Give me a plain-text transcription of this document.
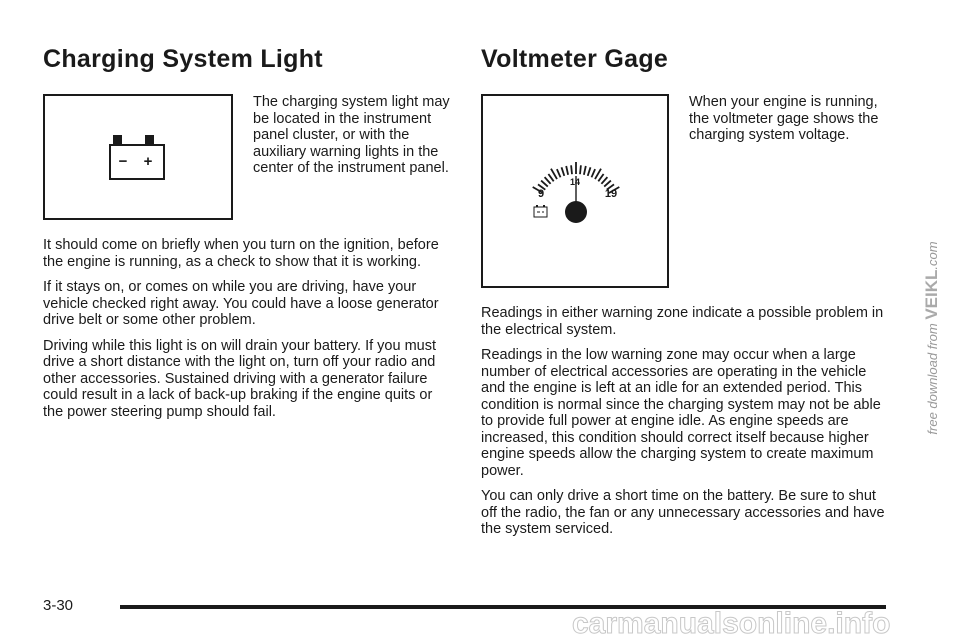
Charging System Light
− +

The charging system light may be located in the instrument panel cluster, or with the auxiliary warning lights in the center of the instrument panel.

It should come on briefly when you turn on the ignition, before the engine is running, as a check to show that it is working.

If it stays on, or comes on while you are driving, have your vehicle checked right away. You could have a loose generator drive belt or some other problem.

Driving while this light is on will drain your battery. If you must drive a short distance with the light on, turn off your radio and other accessories. Sustained driving with a generator failure could result in a lack of back-up braking if the engine quits or the power steering pump should fail.

Voltmeter Gage
9	19
14

When your engine is running, the voltmeter gage shows the charging system voltage.

Readings in either warning zone indicate a possible problem in the electrical system.

Readings in the low warning zone may occur when a large number of electrical accessories are operating in the vehicle and the engine is left at an idle for an extended period. This condition is normal since the charging system may not be able to provide full power at engine idle. As engine speeds are increased, this condition should correct itself because higher engine speeds allow the charging system to create maximum power.

You can only drive a short time on the battery. Be sure to shut off the radio, the fan or any unnecessary accessories and have the system serviced.

3-30
carmanualsonline.info
free download from VEIKL.com
